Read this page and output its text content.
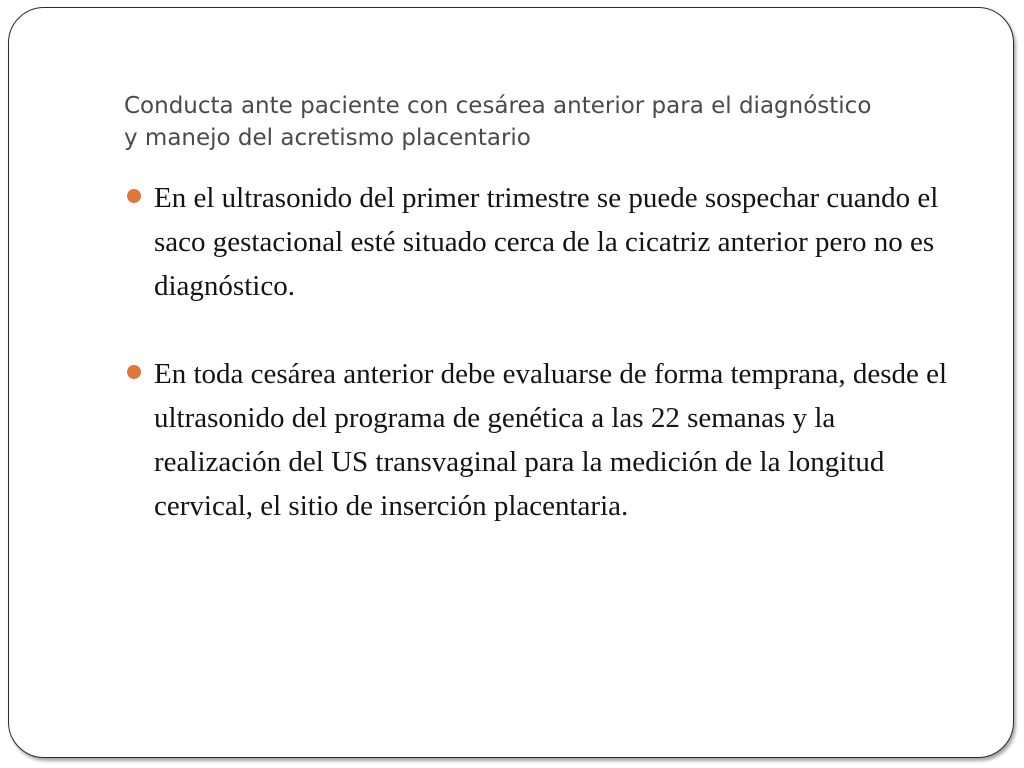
Conducta ante paciente con cesárea anterior para el diagnóstico y manejo del acretismo placentario
En el ultrasonido del primer trimestre se puede sospechar cuando el saco gestacional esté situado cerca de la cicatriz anterior pero no es diagnóstico.
En toda cesárea anterior debe evaluarse de forma temprana, desde el ultrasonido del programa de genética a las 22 semanas y la realización del US transvaginal para la medición de la longitud cervical, el sitio de inserción placentaria.
